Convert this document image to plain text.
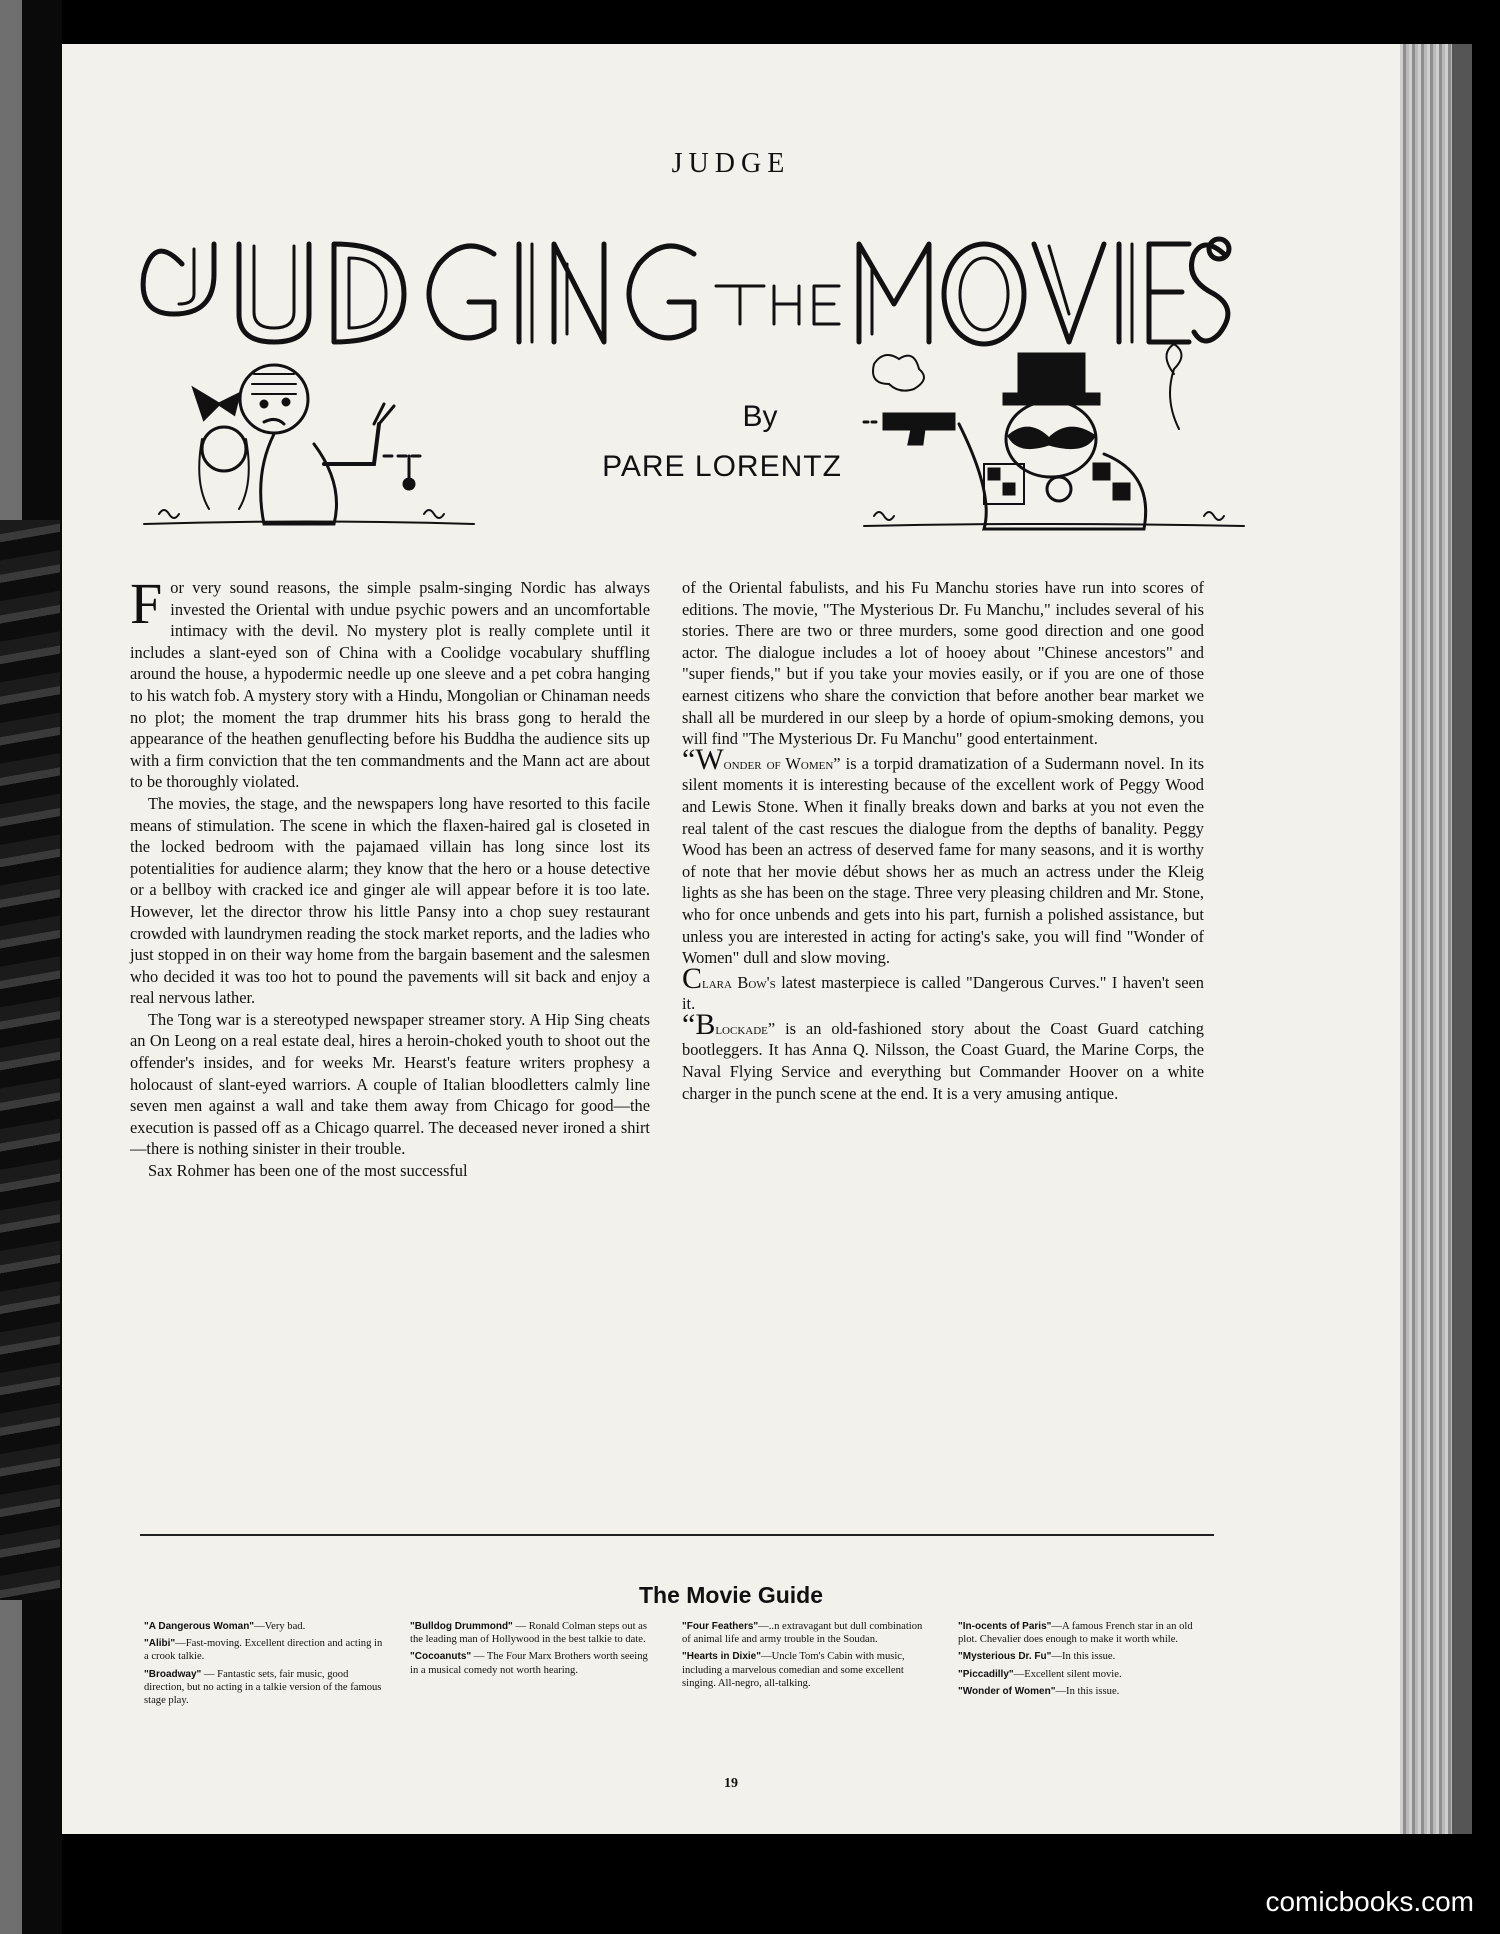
JUDGE
By
PARE LORENTZ

For very sound reasons, the simple psalm-singing Nordic has always invested the Oriental with undue psychic powers and an uncomfortable intimacy with the devil. No mystery plot is really complete until it includes a slant-eyed son of China with a Coolidge vocabulary shuffling around the house, a hypodermic needle up one sleeve and a pet cobra hanging to his watch fob. A mystery story with a Hindu, Mongolian or Chinaman needs no plot; the moment the trap drummer hits his brass gong to herald the appearance of the heathen genuflecting before his Buddha the audience sits up with a firm conviction that the ten commandments and the Mann act are about to be thoroughly violated.

The movies, the stage, and the newspapers long have resorted to this facile means of stimulation. The scene in which the flaxen-haired gal is closeted in the locked bedroom with the pajamaed villain has long since lost its potentialities for audience alarm; they know that the hero or a house detective or a bellboy with cracked ice and ginger ale will appear before it is too late. However, let the director throw his little Pansy into a chop suey restaurant crowded with laundrymen reading the stock market reports, and the ladies who just stopped in on their way home from the bargain basement and the salesmen who decided it was too hot to pound the pavements will sit back and enjoy a real nervous lather.

The Tong war is a stereotyped newspaper streamer story. A Hip Sing cheats an On Leong on a real estate deal, hires a heroin-choked youth to shoot out the offender's insides, and for weeks Mr. Hearst's feature writers prophesy a holocaust of slant-eyed warriors. A couple of Italian bloodletters calmly line seven men against a wall and take them away from Chicago for good—the execution is passed off as a Chicago quarrel. The deceased never ironed a shirt—there is nothing sinister in their trouble.

Sax Rohmer has been one of the most successful

of the Oriental fabulists, and his Fu Manchu stories have run into scores of editions. The movie, "The Mysterious Dr. Fu Manchu," includes several of his stories. There are two or three murders, some good direction and one good actor. The dialogue includes a lot of hooey about "Chinese ancestors" and "super fiends," but if you take your movies easily, or if you are one of those earnest citizens who share the conviction that before another bear market we shall all be murdered in our sleep by a horde of opium-smoking demons, you will find "The Mysterious Dr. Fu Manchu" good entertainment.

“Wonder of Women” is a torpid dramatization of a Sudermann novel. In its silent moments it is interesting because of the excellent work of Peggy Wood and Lewis Stone. When it finally breaks down and barks at you not even the real talent of the cast rescues the dialogue from the depths of banality. Peggy Wood has been an actress of deserved fame for many seasons, and it is worthy of note that her movie début shows her as much an actress under the Kleig lights as she has been on the stage. Three very pleasing children and Mr. Stone, who for once unbends and gets into his part, furnish a polished assistance, but unless you are interested in acting for acting's sake, you will find "Wonder of Women" dull and slow moving.

Clara Bow's latest masterpiece is called "Dangerous Curves." I haven't seen it.

“Blockade” is an old-fashioned story about the Coast Guard catching bootleggers. It has Anna Q. Nilsson, the Coast Guard, the Marine Corps, the Naval Flying Service and everything but Commander Hoover on a white charger in the punch scene at the end. It is a very amusing antique.

The Movie Guide
"A Dangerous Woman"—Very bad.
"Alibi"—Fast-moving. Excellent direction and acting in a crook talkie.
"Broadway" — Fantastic sets, fair music, good direction, but no acting in a talkie version of the famous stage play.
"Bulldog Drummond" — Ronald Colman steps out as the leading man of Hollywood in the best talkie to date.
"Cocoanuts" — The Four Marx Brothers worth seeing in a musical comedy not worth hearing.
"Four Feathers"—..n extravagant but dull combination of animal life and army trouble in the Soudan.
"Hearts in Dixie"—Uncle Tom's Cabin with music, including a marvelous comedian and some excellent singing. All-negro, all-talking.
"In-ocents of Paris"—A famous French star in an old plot. Chevalier does enough to make it worth while.
"Mysterious Dr. Fu"—In this issue.
"Piccadilly"—Excellent silent movie.
"Wonder of Women"—In this issue.
19
comicbooks.com
